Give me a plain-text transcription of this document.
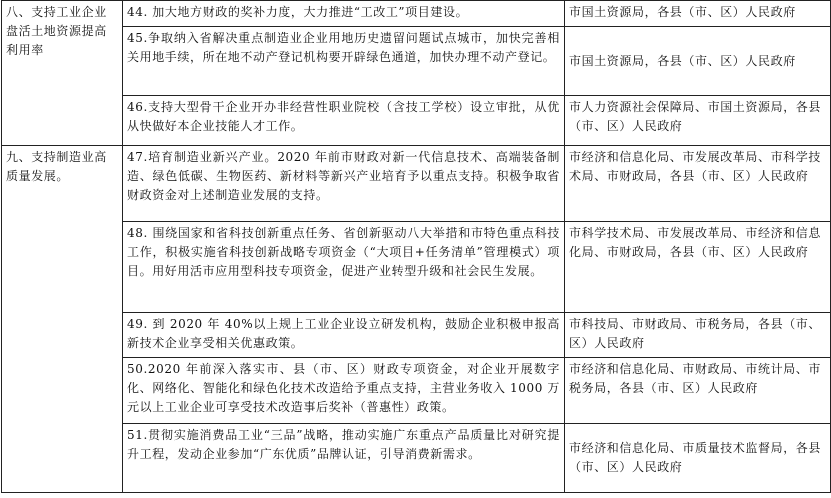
八、支持工业企业盘活土地资源提高利用率	44. 加大地方财政的奖补力度，大力推进“工改工”项目建设。	市国土资源局，各县（市、区）人民政府
	45.争取纳入省解决重点制造业企业用地历史遗留问题试点城市，加快完善相关用地手续，所在地不动产登记机构要开辟绿色通道，加快办理不动产登记。	市国土资源局，各县（市、区）人民政府
	46.支持大型骨干企业开办非经营性职业院校（含技工学校）设立审批，从优从快做好本企业技能人才工作。	市人力资源社会保障局、市国土资源局，各县（市、区）人民政府
九、支持制造业高质量发展。	47.培育制造业新兴产业。2020 年前市财政对新一代信息技术、高端装备制造、绿色低碳、生物医药、新材料等新兴产业培育予以重点支持。积极争取省财政资金对上述制造业发展的支持。	市经济和信息化局、市发展改革局、市科学技术局、市财政局，各县（市、区）人民政府
	48. 围绕国家和省科技创新重点任务、省创新驱动八大举措和市特色重点科技工作，积极实施省科技创新战略专项资金（“大项目+任务清单”管理模式）项目。用好用活市应用型科技专项资金，促进产业转型升级和社会民生发展。	市科学技术局、市发展改革局、市经济和信息化局、市财政局，各县（市、区）人民政府
	49. 到 2020 年 40%以上规上工业企业设立研发机构，鼓励企业积极申报高新技术企业享受相关优惠政策。	市科技局、市财政局、市税务局，各县（市、区）人民政府
	50.2020 年前深入落实市、县（市、区）财政专项资金，对企业开展数字化、网络化、智能化和绿色化技术改造给予重点支持，主营业务收入 1000 万元以上工业企业可享受技术改造事后奖补（普惠性）政策。	市经济和信息化局、市财政局、市统计局、市税务局，各县（市、区）人民政府
	51.贯彻实施消费品工业“三品”战略，推动实施广东重点产品质量比对研究提升工程，发动企业参加“广东优质”品牌认证，引导消费新需求。	市经济和信息化局、市质量技术监督局，各县（市、区）人民政府
